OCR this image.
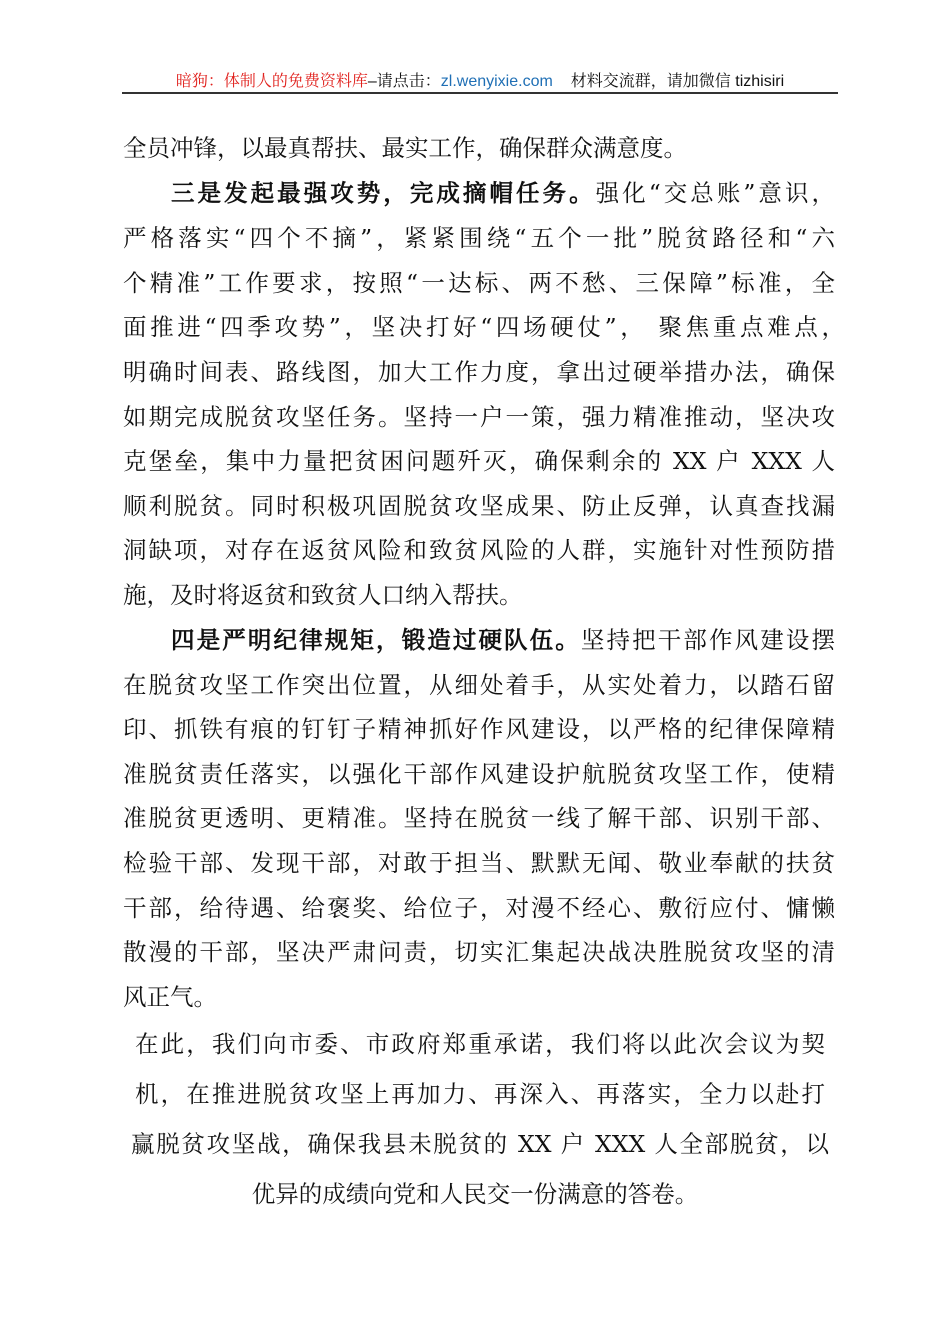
暗狗：体制人的免费资料库–请点击：zl.wenyixie.com 材料交流群，请加微信 tizhisiri
全员冲锋，以最真帮扶、最实工作，确保群众满意度。
三是发起最强攻势，完成摘帽任务。强化“交总账”意识，
严格落实“四个不摘”，紧紧围绕“五个一批”脱贫路径和“六
个精准”工作要求，按照“一达标、两不愁、三保障”标准，全
面推进“四季攻势”，坚决打好“四场硬仗”， 聚焦重点难点，
明确时间表、路线图，加大工作力度，拿出过硬举措办法，确保
如期完成脱贫攻坚任务。坚持一户一策，强力精准推动，坚决攻
克堡垒，集中力量把贫困问题歼灭，确保剩余的 XX 户 XXX 人
顺利脱贫。同时积极巩固脱贫攻坚成果、防止反弹，认真查找漏
洞缺项，对存在返贫风险和致贫风险的人群，实施针对性预防措
施，及时将返贫和致贫人口纳入帮扶。
四是严明纪律规矩，锻造过硬队伍。坚持把干部作风建设摆
在脱贫攻坚工作突出位置，从细处着手，从实处着力，以踏石留
印、抓铁有痕的钉钉子精神抓好作风建设，以严格的纪律保障精
准脱贫责任落实，以强化干部作风建设护航脱贫攻坚工作，使精
准脱贫更透明、更精准。坚持在脱贫一线了解干部、识别干部、
检验干部、发现干部，对敢于担当、默默无闻、敬业奉献的扶贫
干部，给待遇、给褒奖、给位子，对漫不经心、敷衍应付、慵懒
散漫的干部，坚决严肃问责，切实汇集起决战决胜脱贫攻坚的清
风正气。
在此，我们向市委、市政府郑重承诺，我们将以此次会议为契
机，在推进脱贫攻坚上再加力、再深入、再落实，全力以赴打
赢脱贫攻坚战，确保我县未脱贫的 XX 户 XXX 人全部脱贫，以
优异的成绩向党和人民交一份满意的答卷。
